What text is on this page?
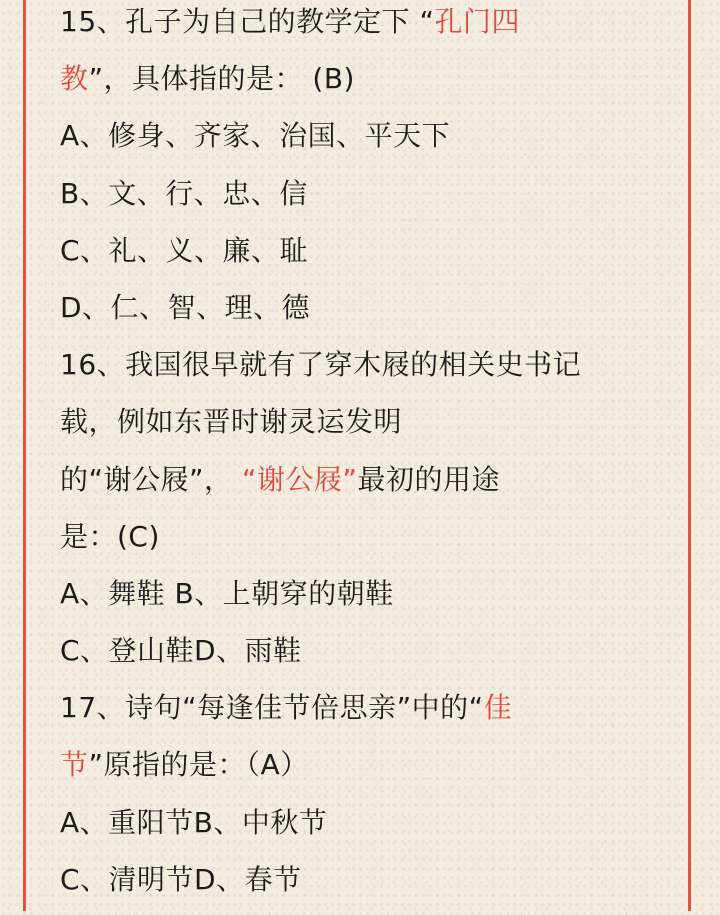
15、孔子为自己的教学定下 “孔门四
教”，具体指的是： (B)
A、修身、齐家、治国、平天下
B、文、行、忠、信
C、礼、义、廉、耻
D、仁、智、理、德
16、我国很早就有了穿木屐的相关史书记
载，例如东晋时谢灵运发明
的“谢公屐”， “谢公屐”最初的用途
是：(C)
A、舞鞋 B、上朝穿的朝鞋
C、登山鞋D、雨鞋
17、诗句“每逢佳节倍思亲”中的“佳
节”原指的是：（A）
A、重阳节B、中秋节
C、清明节D、春节
